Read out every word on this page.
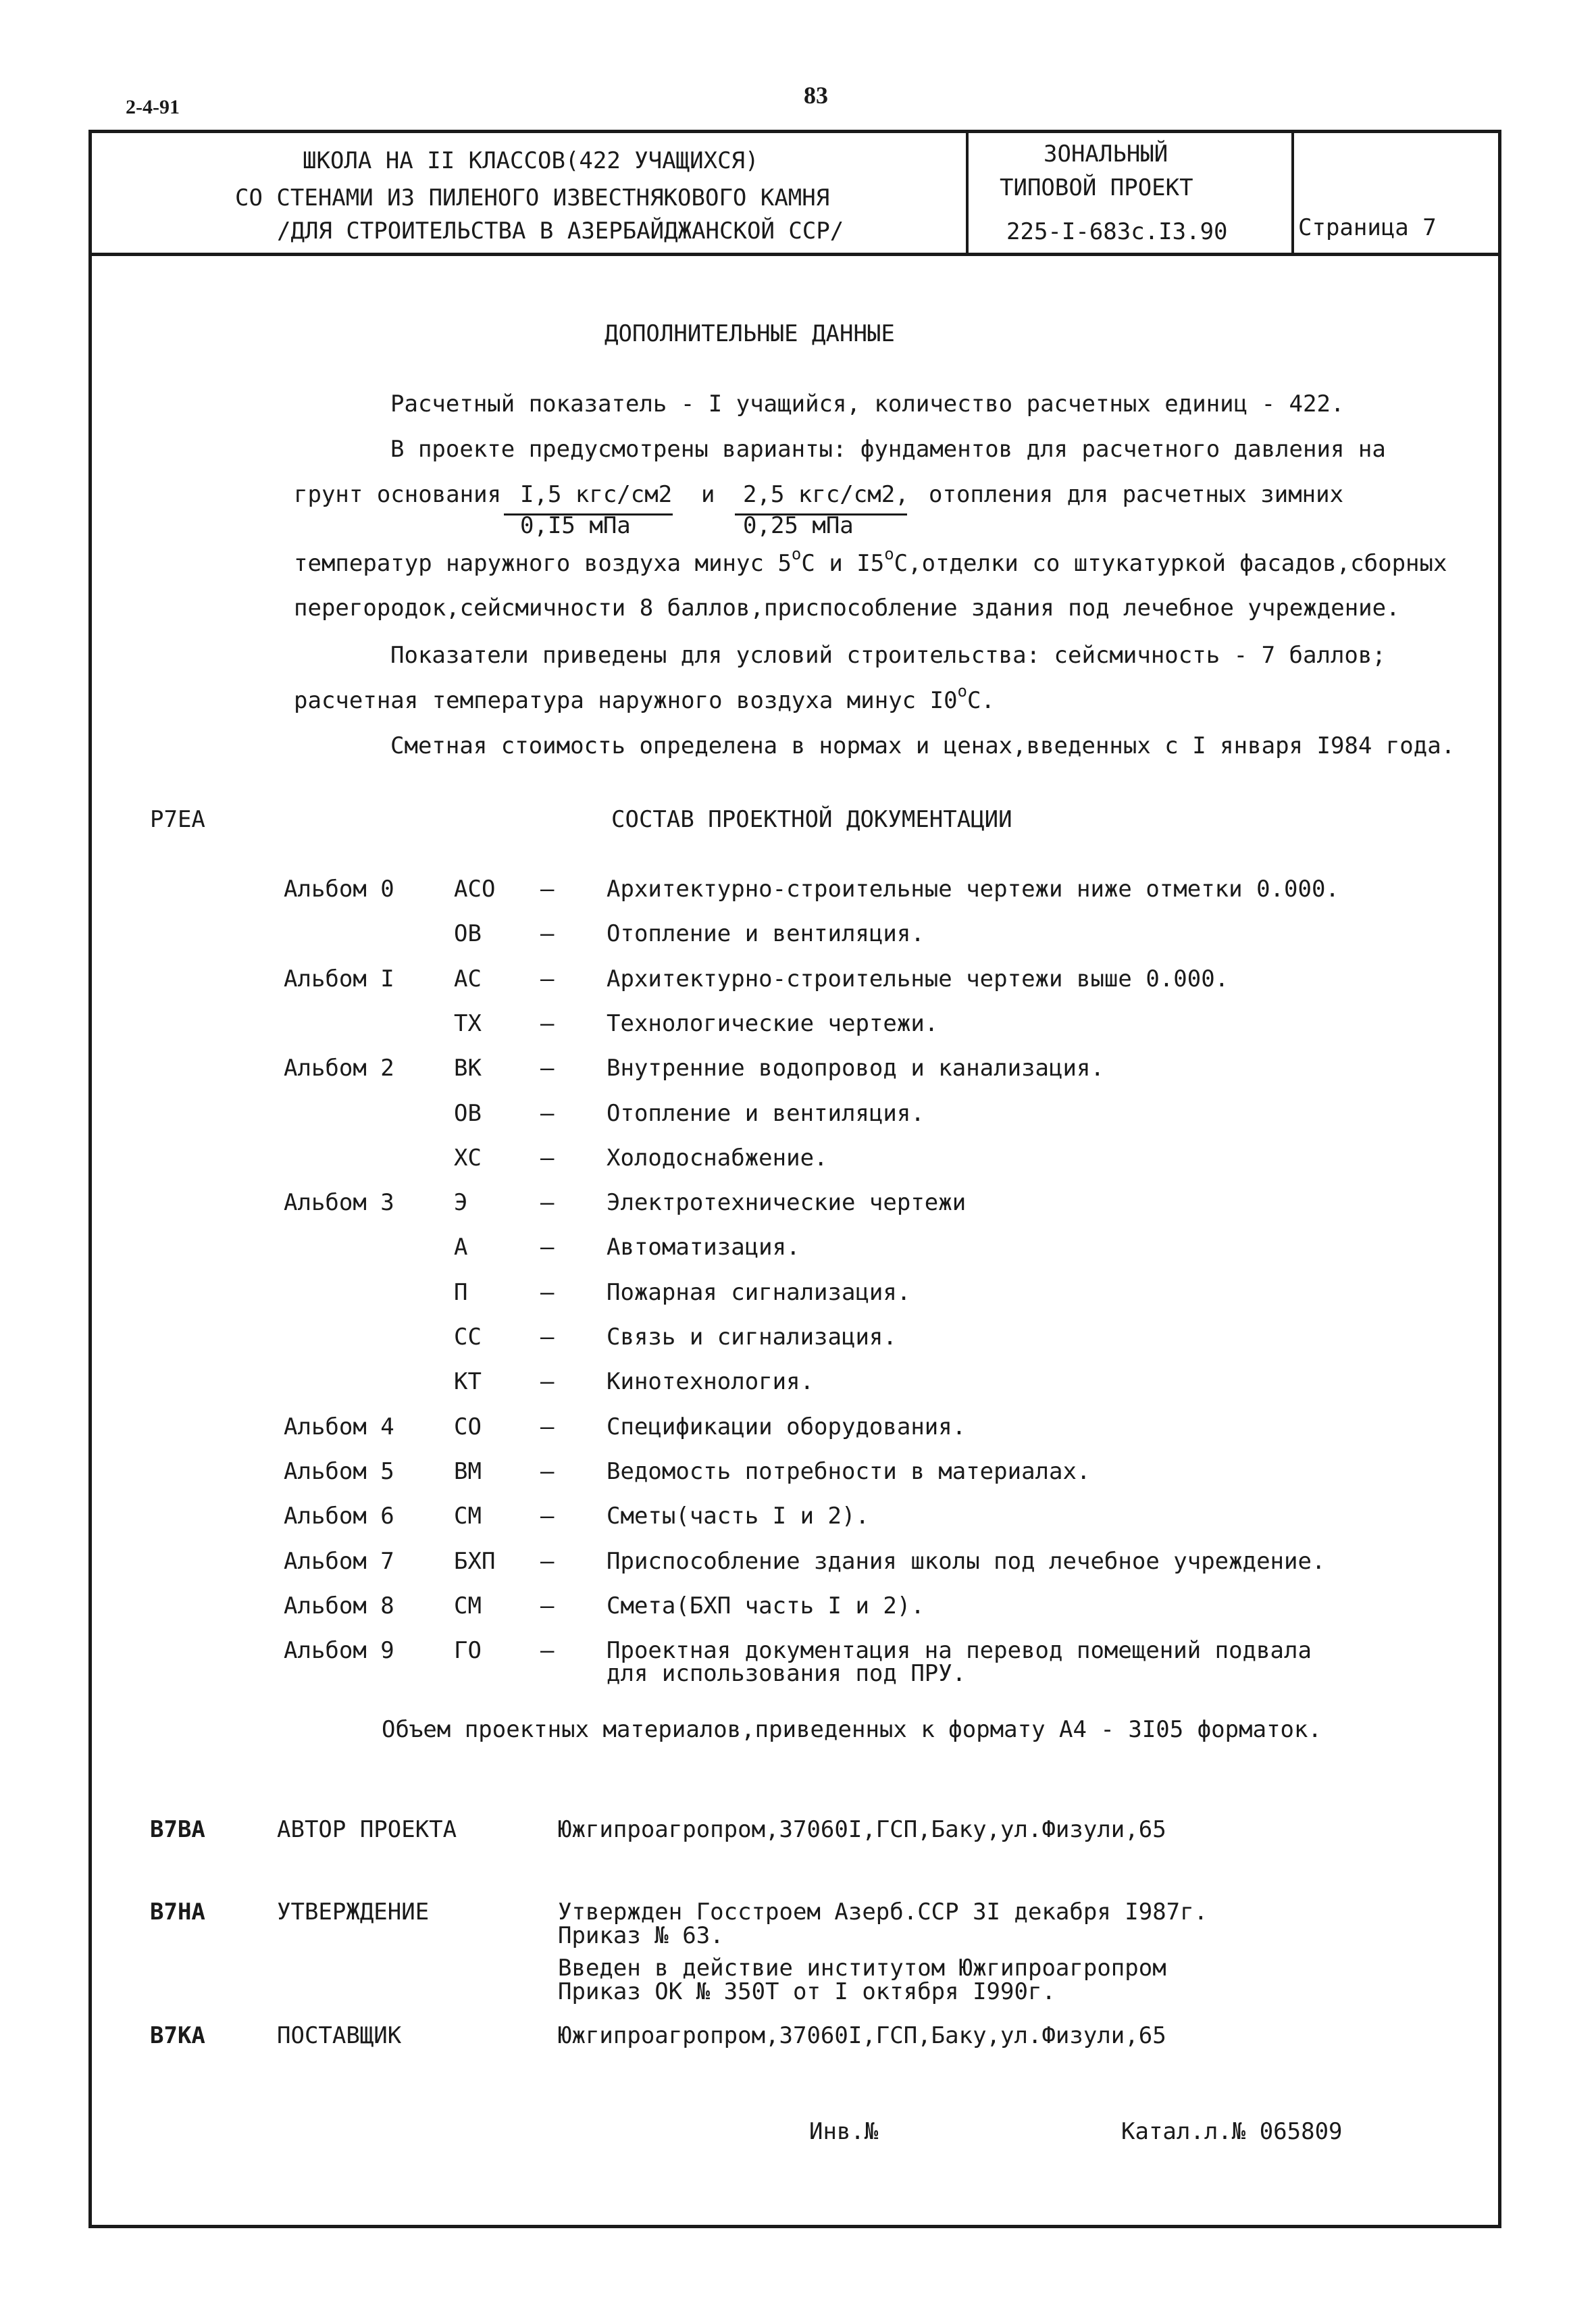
2-4-91	83
ШКОЛА НА II КЛАССОВ(422 УЧАЩИХСЯ)
СО СТЕНАМИ ИЗ ПИЛЕНОГО ИЗВЕСТНЯКОВОГО КАМНЯ
/ДЛЯ СТРОИТЕЛЬСТВА В АЗЕРБАЙДЖАНСКОЙ ССР/
ЗОНАЛЬНЫЙ
ТИПОВОЙ ПРОЕКТ
225-I-683с.I3.90	Страница 7
ДОПОЛНИТЕЛЬНЫЕ ДАННЫЕ
Расчетный показатель - I учащийся, количество расчетных единиц - 422.
В проекте предусмотрены варианты: фундаментов для расчетного давления на
грунт основания I,5 кгс/см2
0,I5 мПа
и 2,5 кгс/см2,
0,25 мПа
отопления для расчетных зимних
температур наружного воздуха минус 5$^o$С и I5$^o$С,отделки со штукатуркой фасадов,сборных
перегородок,сейсмичности 8 баллов,приспособление здания под лечебное учреждение.
Показатели приведены для условий строительства: сейсмичность - 7 баллов;
расчетная температура наружного воздуха минус I0$^o$С.
Сметная стоимость определена в нормах и ценах,введенных с I января I984 года.
Р7ЕА	СОСТАВ ПРОЕКТНОЙ ДОКУМЕНТАЦИИ
Альбом 0	АСО – Архитектурно-строительные чертежи ниже отметки 0.000.
ОВ	– Отопление и вентиляция.
Альбом I	АС	– Архитектурно-строительные чертежи выше 0.000.
ТХ	– Технологические чертежи.
Альбом 2	ВК	– Внутренние водопровод и канализация.
ОВ	– Отопление и вентиляция.
ХС	– Холодоснабжение.
Альбом 3	Э	– Электротехнические чертежи
А	– Автоматизация.
П	– Пожарная сигнализация.
СС	– Связь и сигнализация.
КТ	– Кинотехнология.
Альбом 4	СО	– Спецификации оборудования.
Альбом 5	ВМ	– Ведомость потребности в материалах.
Альбом 6	СМ	– Сметы(часть I и 2).
Альбом 7	БХП – Приспособление здания школы под лечебное учреждение.
Альбом 8	СМ	– Смета(БХП часть I и 2).
Альбом 9	ГО	– Проектная документация на перевод помещений подвала
для использования под ПРУ.
Объем проектных материалов,приведенных к формату А4 - 3I05 форматок.
В7ВА	АВТОР ПРОЕКТА	Южгипроагропром,37060I,ГСП,Баку,ул.Физули,65
В7НА	УТВЕРЖДЕНИЕ	Утвержден Госстроем Азерб.ССР 3I декабря I987г.
Приказ № 63.
Введен в действие институтом Южгипроагропром
Приказ ОК № 350Т от I октября I990г.
В7КА	ПОСТАВЩИК	Южгипроагропром,37060I,ГСП,Баку,ул.Физули,65
Инв.№	Катал.л.№ 065809
